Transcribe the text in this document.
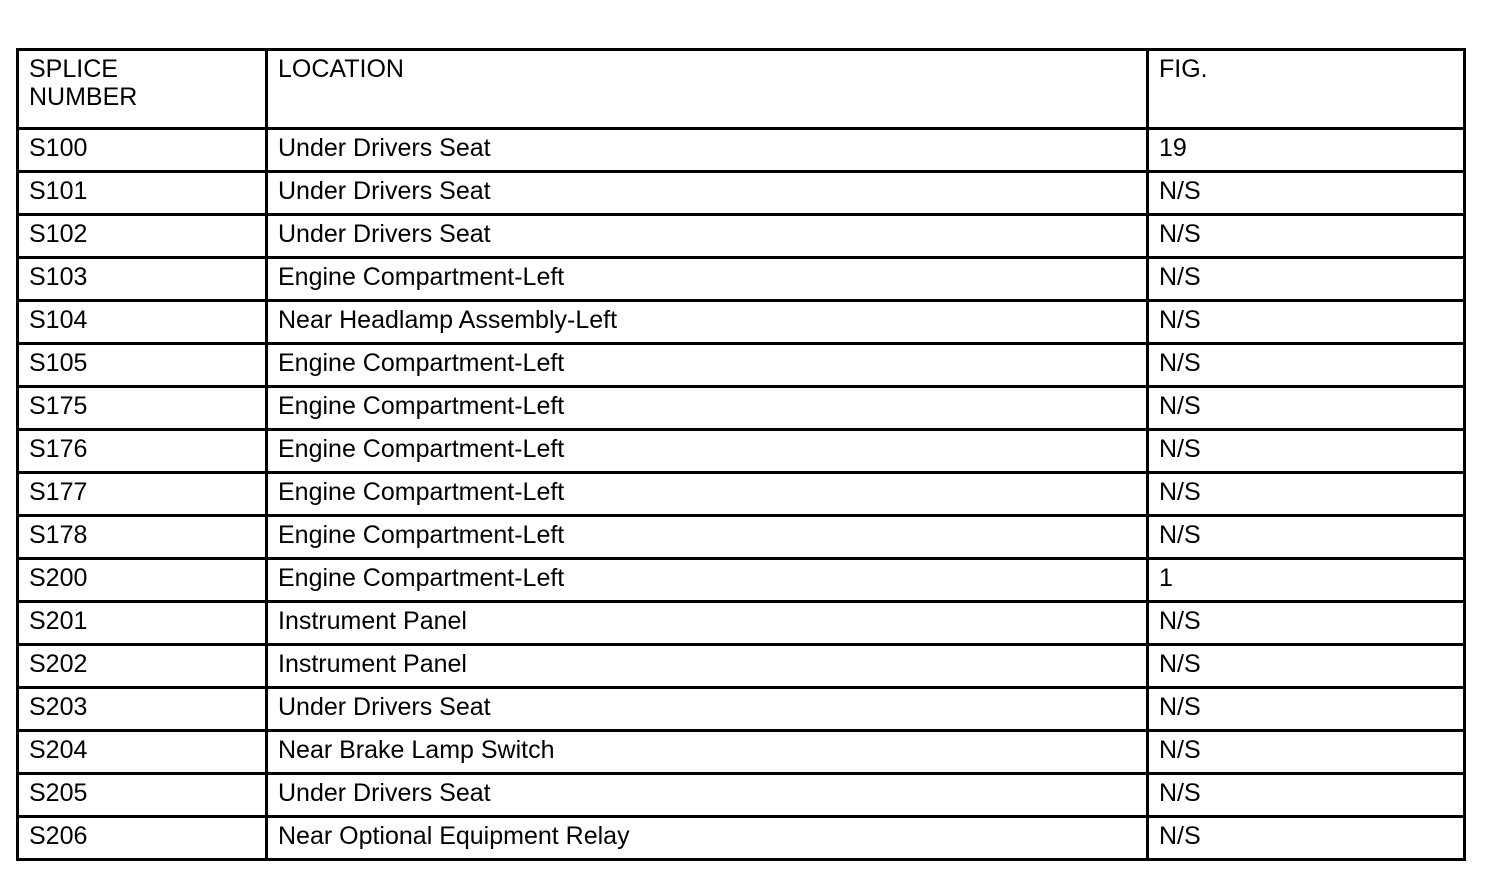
SPLICE
NUMBER	LOCATION	FIG.
S100	Under Drivers Seat	19
S101	Under Drivers Seat	N/S
S102	Under Drivers Seat	N/S
S103	Engine Compartment-Left	N/S
S104	Near Headlamp Assembly-Left	N/S
S105	Engine Compartment-Left	N/S
S175	Engine Compartment-Left	N/S
S176	Engine Compartment-Left	N/S
S177	Engine Compartment-Left	N/S
S178	Engine Compartment-Left	N/S
S200	Engine Compartment-Left	1
S201	Instrument Panel	N/S
S202	Instrument Panel	N/S
S203	Under Drivers Seat	N/S
S204	Near Brake Lamp Switch	N/S
S205	Under Drivers Seat	N/S
S206	Near Optional Equipment Relay	N/S
